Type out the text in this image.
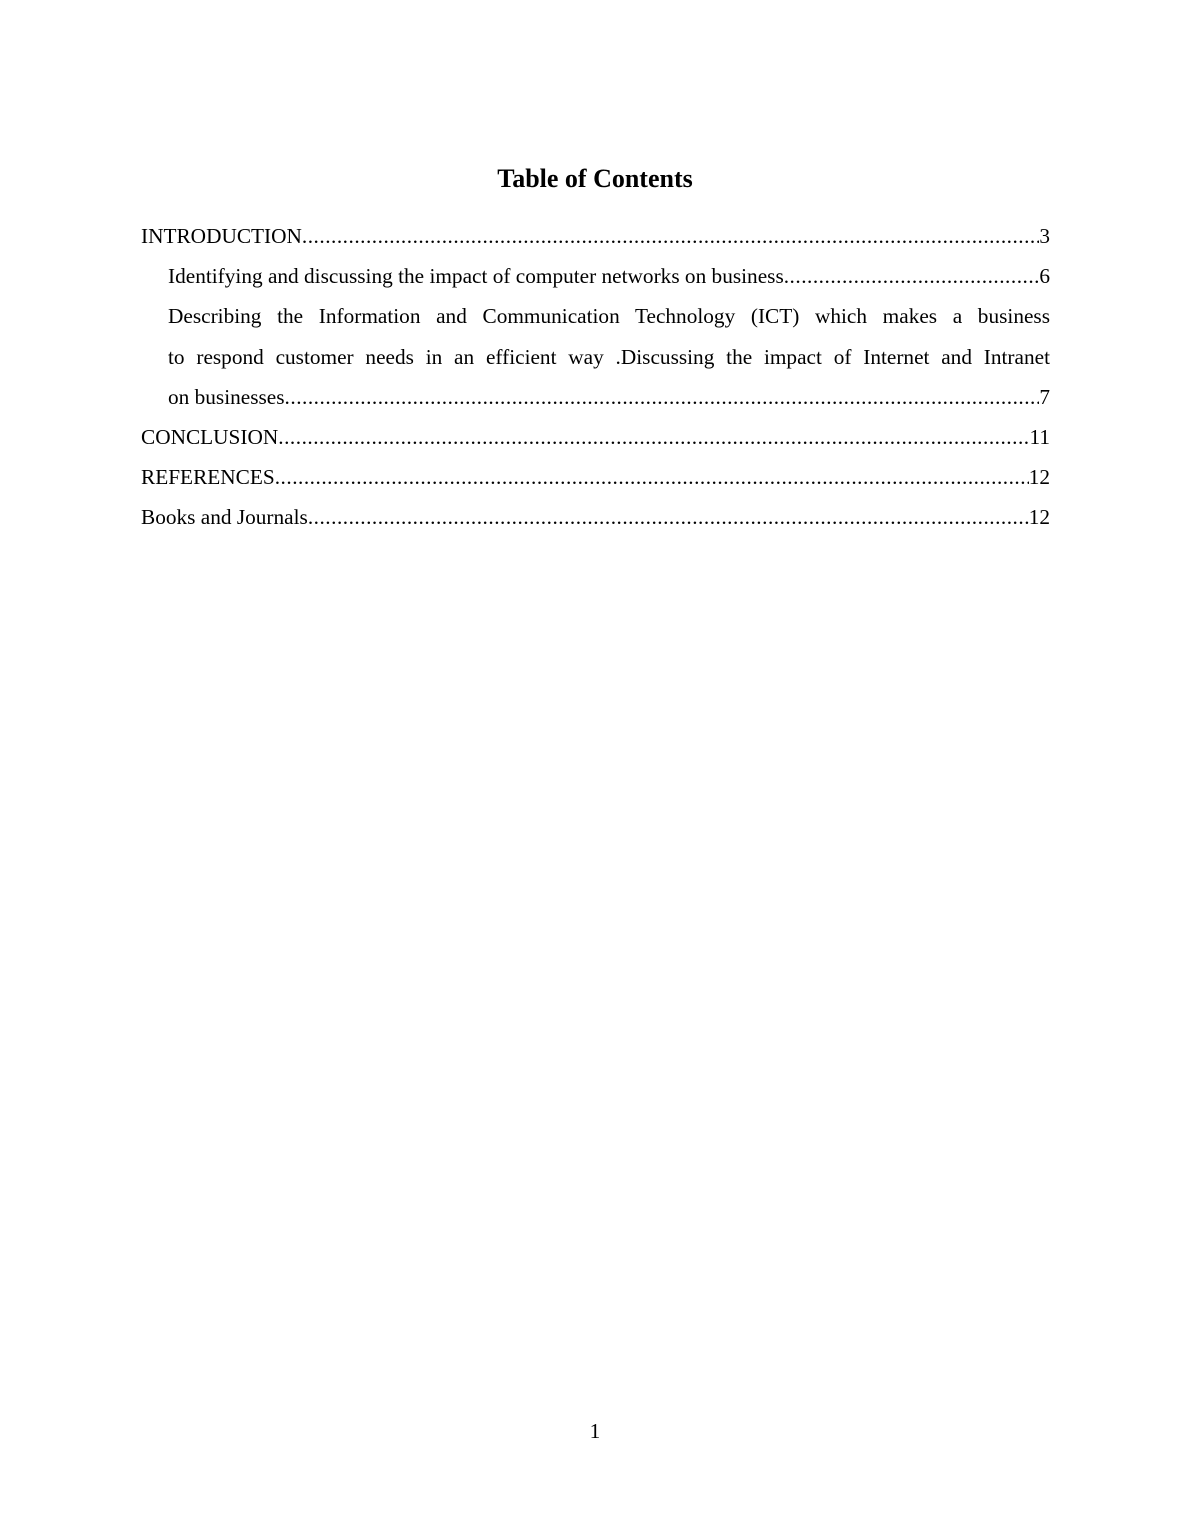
Table of Contents
INTRODUCTION .....	3
Identifying and discussing the impact of computer networks on business .....	6
Describing the Information and Communication Technology (ICT) which makes a business
to respond customer needs in an efficient way .Discussing the impact of Internet and Intranet
on businesses .....	7
CONCLUSION .....	11
REFERENCES .....	12
Books and Journals .....	12
1
